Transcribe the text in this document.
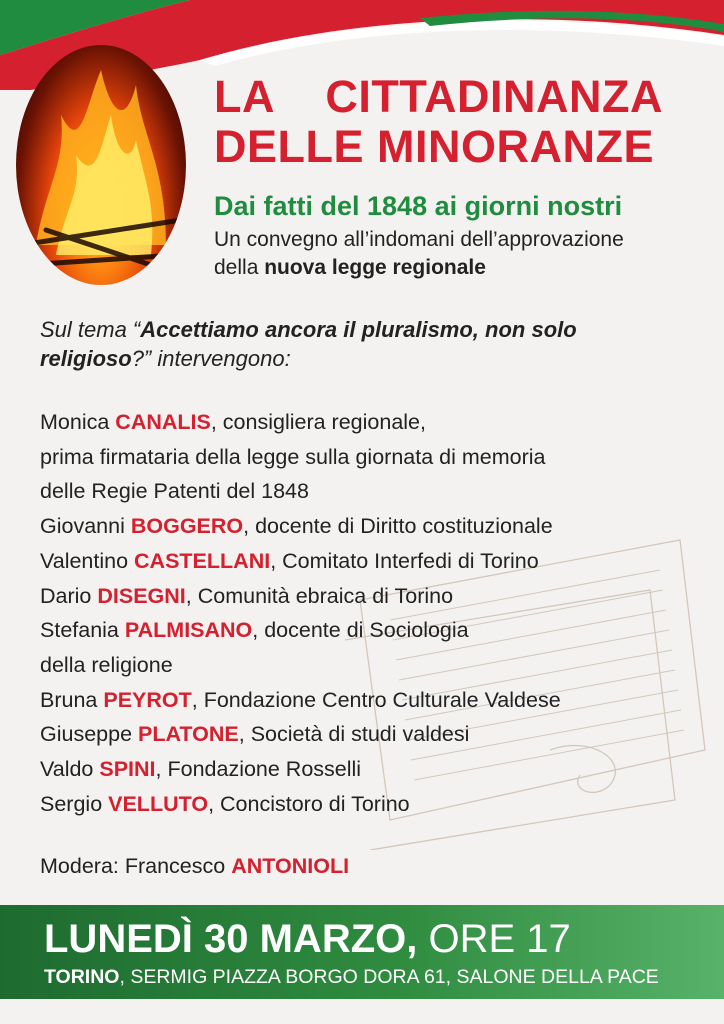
LA    CITTADINANZA
DELLE MINORANZE
Dai fatti del 1848 ai giorni nostri
Un convegno all’indomani dell’approvazione
della nuova legge regionale
Sul tema “Accettiamo ancora il pluralismo, non solo
religioso?” intervengono:
Monica CANALIS, consigliera regionale,
prima firmataria della legge sulla giornata di memoria
delle Regie Patenti del 1848
Giovanni BOGGERO, docente di Diritto costituzionale
Valentino CASTELLANI, Comitato Interfedi di Torino
Dario DISEGNI, Comunità ebraica di Torino
Stefania PALMISANO, docente di Sociologia
della religione
Bruna PEYROT, Fondazione Centro Culturale Valdese
Giuseppe PLATONE, Società di studi valdesi
Valdo SPINI, Fondazione Rosselli
Sergio VELLUTO, Concistoro di Torino
Modera: Francesco ANTONIOLI
LUNEDÌ 30 MARZO, ORE 17
TORINO, SERMIG PIAZZA BORGO DORA 61, SALONE DELLA PACE
